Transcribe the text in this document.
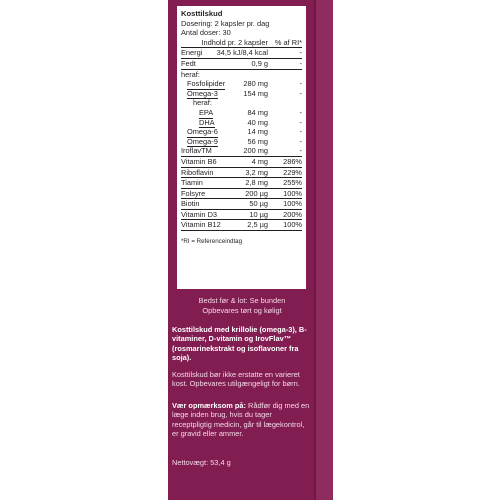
Kosttilskud
Dosering: 2 kapsler pr. dag
Antal doser: 30
Indhold pr. 2 kapsler % af RI*
Energi 34,5 kJ/8,4 kcal	-
Fedt	0,9 g	-
heraf:
Fosfolipider 280 mg	-
Omega-3	154 mg	-
heraf:
EPA	84 mg	-
DHA	40 mg	-
Omega-6	14 mg	-
Omega-9	56 mg	-
IroflavTM	200 mg	-
Vitamin B6	4 mg 286%
Riboflavin	3,2 mg 229%
Tiamin	2,8 mg 255%
Folsyre	200 µg 100%
Biotin	50 µg 100%
Vitamin D3	10 µg 200%
Vitamin B12	2,5 µg 100%
*RI = Referenceindtag
Bedst før & lot: Se bunden
Opbevares tørt og køligt
Kosttilskud med krillolie (omega-3), B-vitaminer, D-vitamin og IrovFlav™ (rosmarinekstrakt og isoflavoner fra soja).
Kosttilskud bør ikke erstatte en varieret kost. Opbevares utilgængeligt for børn.
Vær opmærksom på: Rådfør dig med en læge inden brug, hvis du tager receptpligtig medicin, går til lægekontrol, er gravid eller ammer.
Nettovægt: 53,4 g
